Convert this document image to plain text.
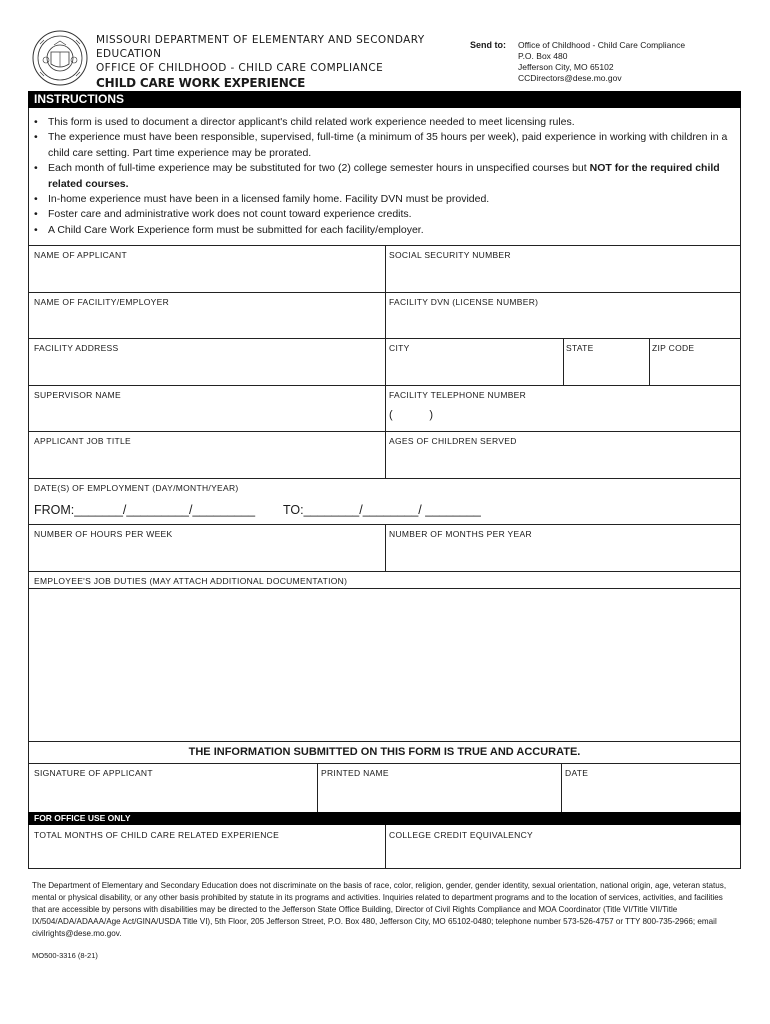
MISSOURI DEPARTMENT OF ELEMENTARY AND SECONDARY
EDUCATION
OFFICE OF CHILDHOOD - CHILD CARE COMPLIANCE
CHILD CARE WORK EXPERIENCE
Send to: Office of Childhood - Child Care Compliance
P.O. Box 480
Jefferson City, MO 65102
CCDirectors@dese.mo.gov
INSTRUCTIONS
• This form is used to document a director applicant's child related work experience needed to meet licensing rules.
• The experience must have been responsible, supervised, full-time (a minimum of 35 hours per week), paid experience in working with children in a child care setting. Part time experience may be prorated.
• Each month of full-time experience may be substituted for two (2) college semester hours in unspecified courses but NOT for the required child related courses.
• In-home experience must have been in a licensed family home. Facility DVN must be provided.
• Foster care and administrative work does not count toward experience credits.
• A Child Care Work Experience form must be submitted for each facility/employer.
NAME OF APPLICANT	SOCIAL SECURITY NUMBER
NAME OF FACILITY/EMPLOYER	FACILITY DVN (LICENSE NUMBER)
FACILITY ADDRESS	CITY	STATE	ZIP CODE
SUPERVISOR NAME	FACILITY TELEPHONE NUMBER
(            )
APPLICANT JOB TITLE	AGES OF CHILDREN SERVED
DATE(S) OF EMPLOYMENT (DAY/MONTH/YEAR)
FROM:_______/_________/_________ TO:________/________/ ________
NUMBER OF HOURS PER WEEK	NUMBER OF MONTHS PER YEAR
EMPLOYEE'S JOB DUTIES (MAY ATTACH ADDITIONAL DOCUMENTATION)
THE INFORMATION SUBMITTED ON THIS FORM IS TRUE AND ACCURATE.
SIGNATURE OF APPLICANT	PRINTED NAME	DATE
FOR OFFICE USE ONLY
TOTAL MONTHS OF CHILD CARE RELATED EXPERIENCE	COLLEGE CREDIT EQUIVALENCY
The Department of Elementary and Secondary Education does not discriminate on the basis of race, color, religion, gender, gender identity, sexual orientation, national origin, age, veteran status, mental or physical disability, or any other basis prohibited by statute in its programs and activities. Inquiries related to department programs and to the location of services, activities, and facilities that are accessible by persons with disabilities may be directed to the Jefferson State Office Building, Director of Civil Rights Compliance and MOA Coordinator (Title VI/Title VII/Title IX/504/ADA/ADAAA/Age Act/GINA/USDA Title VI), 5th Floor, 205 Jefferson Street, P.O. Box 480, Jefferson City, MO 65102-0480; telephone number 573-526-4757 or TTY 800-735-2966; email civilrights@dese.mo.gov.
MO500-3316 (8-21)
